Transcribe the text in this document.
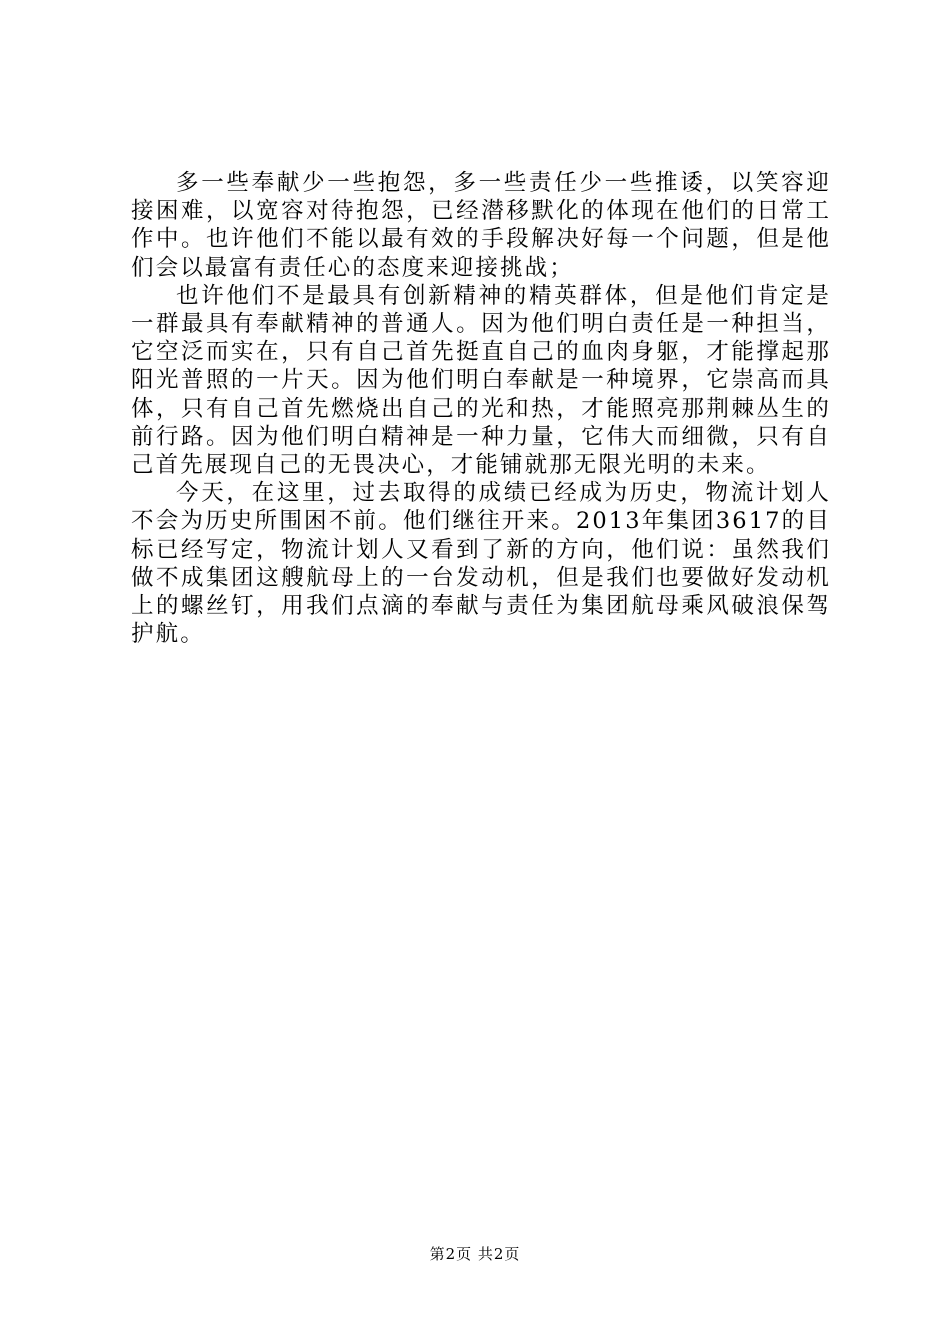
多一些奉献少一些抱怨，多一些责任少一些推诿，以笑容迎接困难，以宽容对待抱怨，已经潜移默化的体现在他们的日常工作中。也许他们不能以最有效的手段解决好每一个问题，但是他们会以最富有责任心的态度来迎接挑战；

也许他们不是最具有创新精神的精英群体，但是他们肯定是一群最具有奉献精神的普通人。因为他们明白责任是一种担当，它空泛而实在，只有自己首先挺直自己的血肉身躯，才能撑起那阳光普照的一片天。因为他们明白奉献是一种境界，它崇高而具体，只有自己首先燃烧出自己的光和热，才能照亮那荆棘丛生的前行路。因为他们明白精神是一种力量，它伟大而细微，只有自己首先展现自己的无畏决心，才能铺就那无限光明的未来。

今天，在这里，过去取得的成绩已经成为历史，物流计划人不会为历史所围困不前。他们继往开来。2013年集团3617的目标已经写定，物流计划人又看到了新的方向，他们说：虽然我们做不成集团这艘航母上的一台发动机，但是我们也要做好发动机上的螺丝钉，用我们点滴的奉献与责任为集团航母乘风破浪保驾护航。

第2页 共2页
